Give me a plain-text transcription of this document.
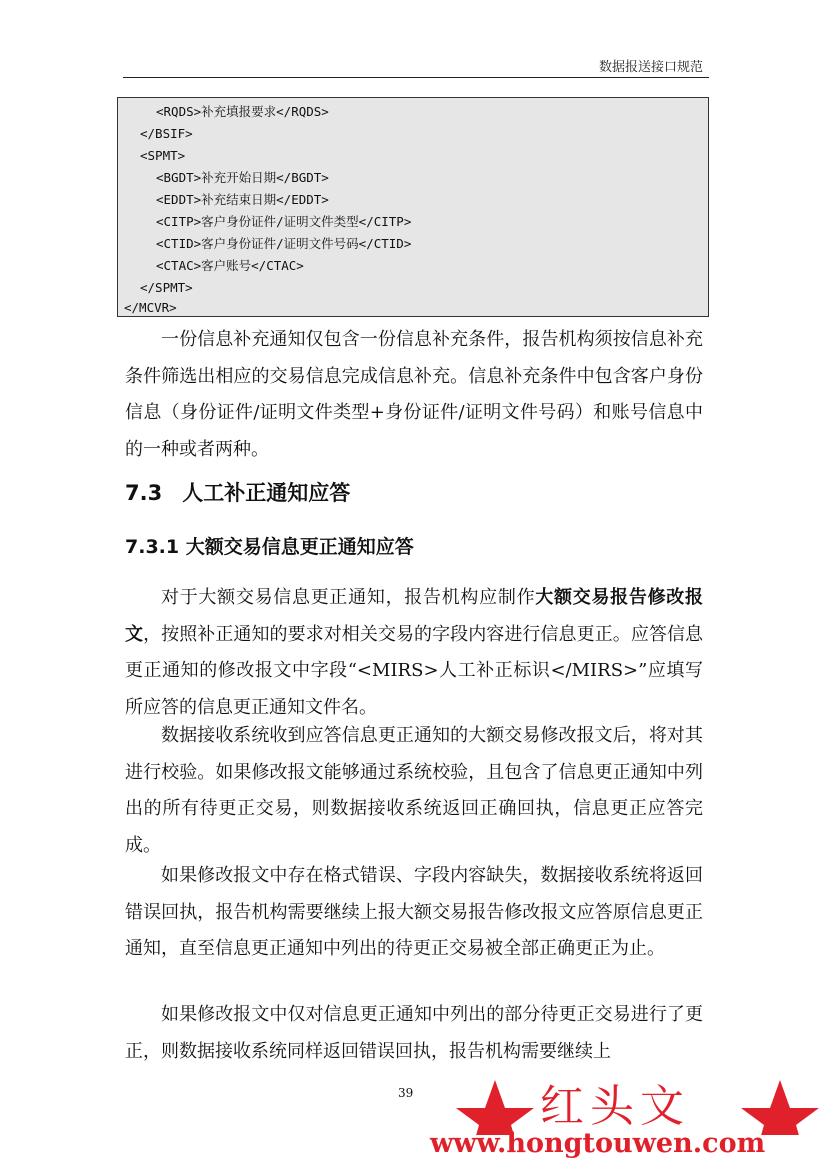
数据报送接口规范
<RQDS>补充填报要求</RQDS>
</BSIF>
<SPMT>
<BGDT>补充开始日期</BGDT>
<EDDT>补充结束日期</EDDT>
<CITP>客户身份证件/证明文件类型</CITP>
<CTID>客户身份证件/证明文件号码</CTID>
<CTAC>客户账号</CTAC>
</SPMT>
</MCVR>
一份信息补充通知仅包含一份信息补充条件，报告机构须按信息补充条件筛选出相应的交易信息完成信息补充。信息补充条件中包含客户身份信息（身份证件/证明文件类型+身份证件/证明文件号码）和账号信息中的一种或者两种。
7.3 人工补正通知应答
7.3.1 大额交易信息更正通知应答
对于大额交易信息更正通知，报告机构应制作大额交易报告修改报文，按照补正通知的要求对相关交易的字段内容进行信息更正。应答信息更正通知的修改报文中字段“<MIRS>人工补正标识</MIRS>”应填写所应答的信息更正通知文件名。
数据接收系统收到应答信息更正通知的大额交易修改报文后，将对其进行校验。如果修改报文能够通过系统校验，且包含了信息更正通知中列出的所有待更正交易，则数据接收系统返回正确回执，信息更正应答完成。
如果修改报文中存在格式错误、字段内容缺失，数据接收系统将返回错误回执，报告机构需要继续上报大额交易报告修改报文应答原信息更正通知，直至信息更正通知中列出的待更正交易被全部正确更正为止。
如果修改报文中仅对信息更正通知中列出的部分待更正交易进行了更正，则数据接收系统同样返回错误回执，报告机构需要继续上
39	红头文
www.hongtouwen.com
